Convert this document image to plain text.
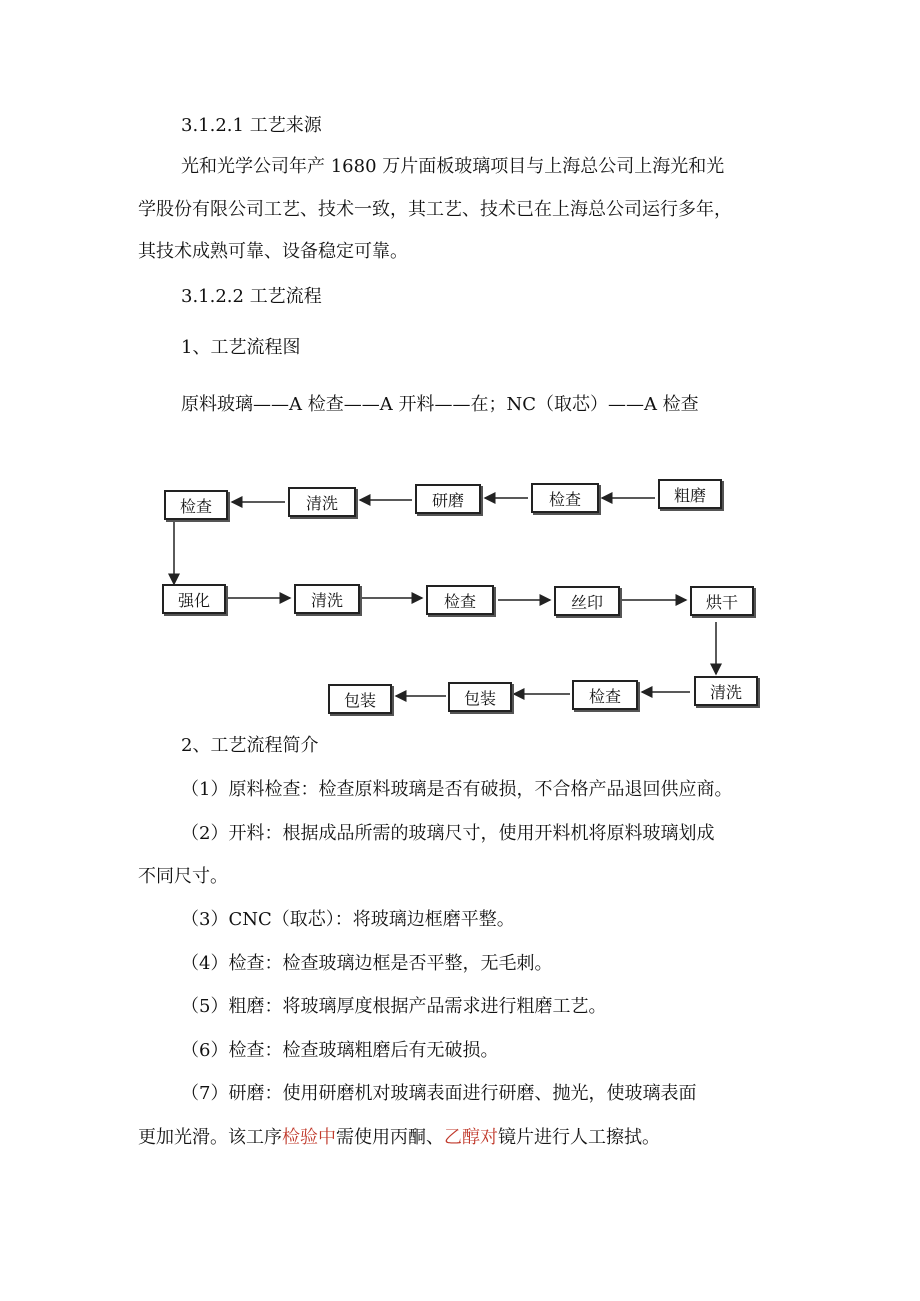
3.1.2.1 工艺来源
光和光学公司年产 1680 万片面板玻璃项目与上海总公司上海光和光
学股份有限公司工艺、技术一致，其工艺、技术已在上海总公司运行多年，
其技术成熟可靠、设备稳定可靠。
3.1.2.2 工艺流程
1、工艺流程图
原料玻璃——A 检查——A 开料——在；NC（取芯）——A 检查
检查	清洗	研磨	检查	粗磨
强化	清洗	检查	丝印	烘干
包装	包装	检查	清洗
2、工艺流程简介
（1）原料检查：检查原料玻璃是否有破损，不合格产品退回供应商。
（2）开料：根据成品所需的玻璃尺寸，使用开料机将原料玻璃划成
不同尺寸。
（3）CNC（取芯）：将玻璃边框磨平整。
（4）检查：检查玻璃边框是否平整，无毛刺。
（5）粗磨：将玻璃厚度根据产品需求进行粗磨工艺。
（6）检查：检查玻璃粗磨后有无破损。
（7）研磨：使用研磨机对玻璃表面进行研磨、抛光，使玻璃表面
更加光滑。该工序检验中需使用丙酮、乙醇对镜片进行人工擦拭。
